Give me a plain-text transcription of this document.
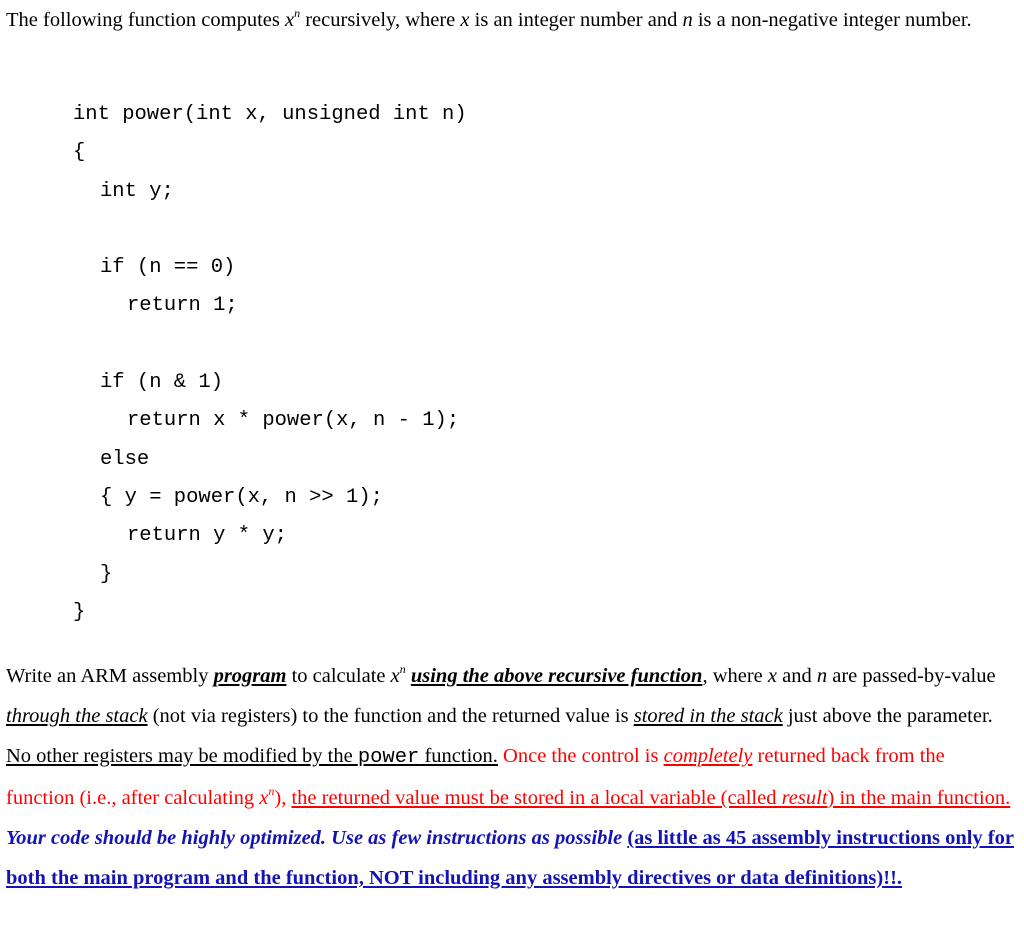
The following function computes $x^n$ recursively, where x is an integer number and n is a non-negative integer number.
int power(int x, unsigned int n)
{
int y;
if (n == 0)
return 1;
if (n & 1)
return x * power(x, n - 1);
else
{ y = power(x, n >> 1);
return y * y;
}
}
Write an ARM assembly program to calculate $x^n$ using the above recursive function, where x and n are passed-by-value through the stack (not via registers) to the function and the returned value is stored in the stack just above the parameter. No other registers may be modified by the power function. Once the control is completely returned back from the function (i.e., after calculating $x^n$), the returned value must be stored in a local variable (called result) in the main function. Your code should be highly optimized. Use as few instructions as possible (as little as 45 assembly instructions only for both the main program and the function, NOT including any assembly directives or data definitions)!!.
